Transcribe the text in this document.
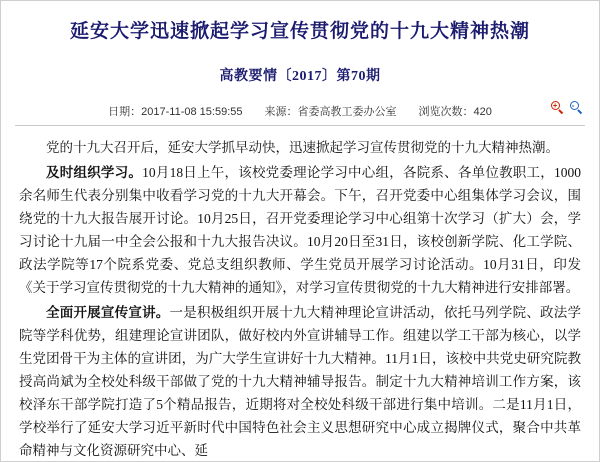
延安大学迅速掀起学习宣传贯彻党的十九大精神热潮
高教要情〔2017〕第70期
日期：2017-11-08 15:59:55 来源：省委高教工委办公室 浏览次数：420
+ -

党的十九大召开后，延安大学抓早动快，迅速掀起学习宣传贯彻党的十九大精神热潮。

及时组织学习。10月18日上午，该校党委理论学习中心组，各院系、各单位教职工，1000余名师生代表分别集中收看学习党的十九大开幕会。下午，召开党委中心组集体学习会议，围绕党的十九大报告展开讨论。10月25日，召开党委理论学习中心组第十次学习（扩大）会，学习讨论十九届一中全会公报和十九大报告决议。10月20日至31日，该校创新学院、化工学院、政法学院等17个院系党委、党总支组织教师、学生党员开展学习讨论活动。10月31日，印发《关于学习宣传贯彻党的十九大精神的通知》，对学习宣传贯彻党的十九大精神进行安排部署。

全面开展宣传宣讲。一是积极组织开展十九大精神理论宣讲活动，依托马列学院、政法学院等学科优势，组建理论宣讲团队，做好校内外宣讲辅导工作。组建以学工干部为核心，以学生党团骨干为主体的宣讲团，为广大学生宣讲好十九大精神。11月1日，该校中共党史研究院教授高尚斌为全校处科级干部做了党的十九大精神辅导报告。制定十九大精神培训工作方案，该校泽东干部学院打造了5个精品报告，近期将对全校处科级干部进行集中培训。二是11月1日，学校举行了延安大学习近平新时代中国特色社会主义思想研究中心成立揭牌仪式，聚合中共革命精神与文化资源研究中心、延
